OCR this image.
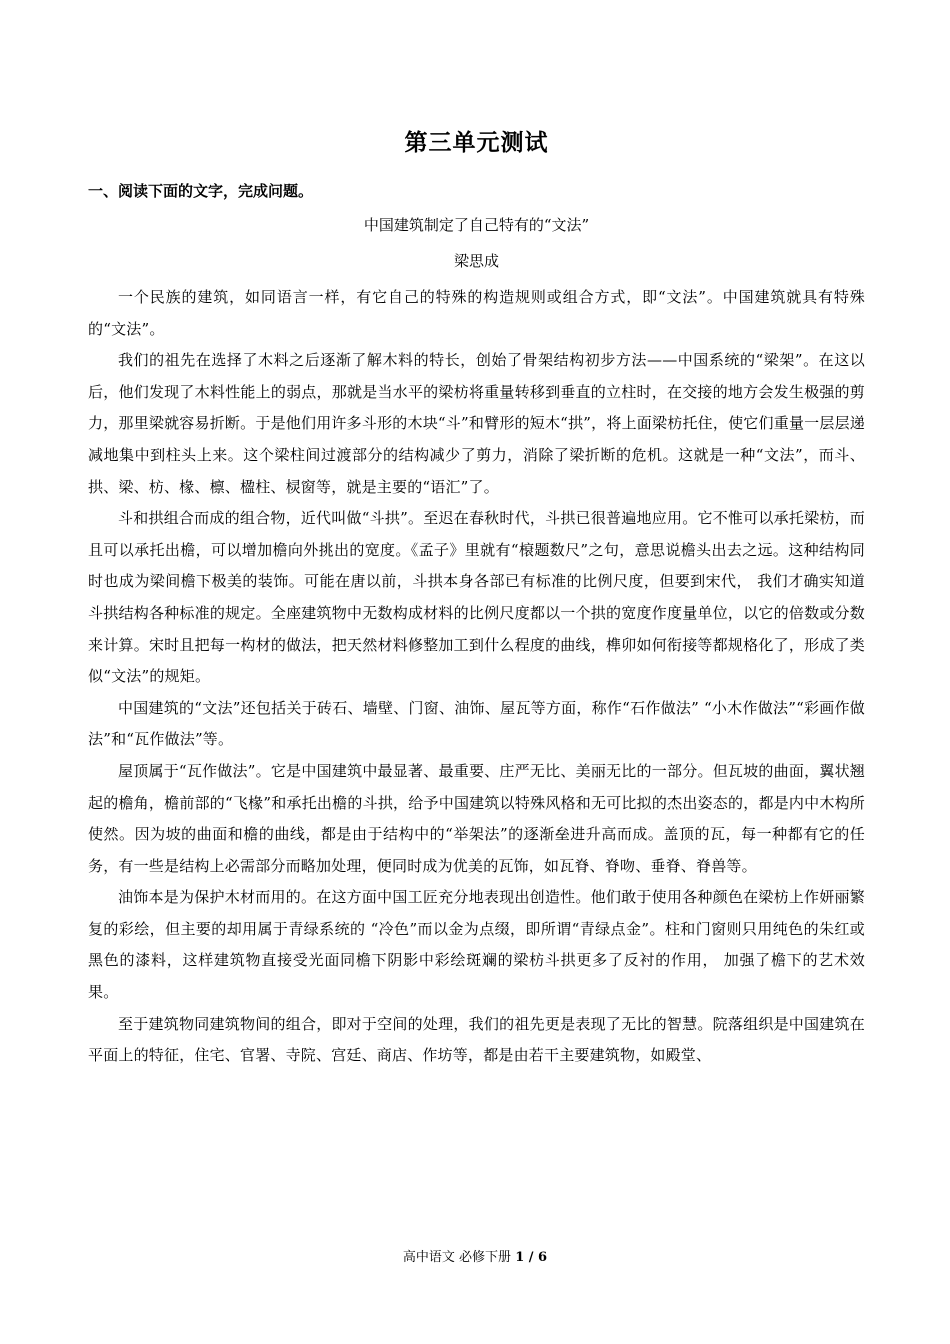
第三单元测试
一、阅读下面的文字，完成问题。
中国建筑制定了自己特有的“文法”
梁思成

一个民族的建筑，如同语言一样，有它自己的特殊的构造规则或组合方式，即“文法”。中国建筑就具有特殊的“文法”。

我们的祖先在选择了木料之后逐渐了解木料的特长，创始了骨架结构初步方法——中国系统的“梁架”。在这以后，他们发现了木料性能上的弱点，那就是当水平的梁枋将重量转移到垂直的立柱时，在交接的地方会发生极强的剪力，那里梁就容易折断。于是他们用许多斗形的木块“斗”和臂形的短木“拱”，将上面梁枋托住，使它们重量一层层递减地集中到柱头上来。这个梁柱间过渡部分的结构减少了剪力，消除了梁折断的危机。这就是一种“文法”，而斗、拱、梁、枋、椽、檩、楹柱、棂窗等，就是主要的“语汇”了。

斗和拱组合而成的组合物，近代叫做“斗拱”。至迟在春秋时代，斗拱已很普遍地应用。它不惟可以承托梁枋，而且可以承托出檐，可以增加檐向外挑出的宽度。《孟子》里就有“榱题数尺”之句，意思说檐头出去之远。这种结构同时也成为梁间檐下极美的装饰。可能在唐以前，斗拱本身各部已有标准的比例尺度，但要到宋代， 我们才确实知道斗拱结构各种标准的规定。全座建筑物中无数构成材料的比例尺度都以一个拱的宽度作度量单位，以它的倍数或分数来计算。宋时且把每一构材的做法，把天然材料修整加工到什么程度的曲线，榫卯如何衔接等都规格化了，形成了类似“文法”的规矩。

中国建筑的“文法”还包括关于砖石、墙壁、门窗、油饰、屋瓦等方面，称作“石作做法” “小木作做法”“彩画作做法”和“瓦作做法”等。

屋顶属于“瓦作做法”。它是中国建筑中最显著、最重要、庄严无比、美丽无比的一部分。但瓦坡的曲面，翼状翘起的檐角，檐前部的“飞椽”和承托出檐的斗拱，给予中国建筑以特殊风格和无可比拟的杰出姿态的，都是内中木构所使然。因为坡的曲面和檐的曲线，都是由于结构中的“举架法”的逐渐垒进升高而成。盖顶的瓦，每一种都有它的任务，有一些是结构上必需部分而略加处理，便同时成为优美的瓦饰，如瓦脊、脊吻、垂脊、脊兽等。

油饰本是为保护木材而用的。在这方面中国工匠充分地表现出创造性。他们敢于使用各种颜色在梁枋上作妍丽繁复的彩绘，但主要的却用属于青绿系统的 “冷色”而以金为点缀，即所谓“青绿点金”。柱和门窗则只用纯色的朱红或黑色的漆料，这样建筑物直接受光面同檐下阴影中彩绘斑斓的梁枋斗拱更多了反衬的作用， 加强了檐下的艺术效果。

至于建筑物同建筑物间的组合，即对于空间的处理，我们的祖先更是表现了无比的智慧。院落组织是中国建筑在平面上的特征，住宅、官署、寺院、宫廷、商店、作坊等，都是由若干主要建筑物，如殿堂、

高中语文 必修下册 1 / 6
